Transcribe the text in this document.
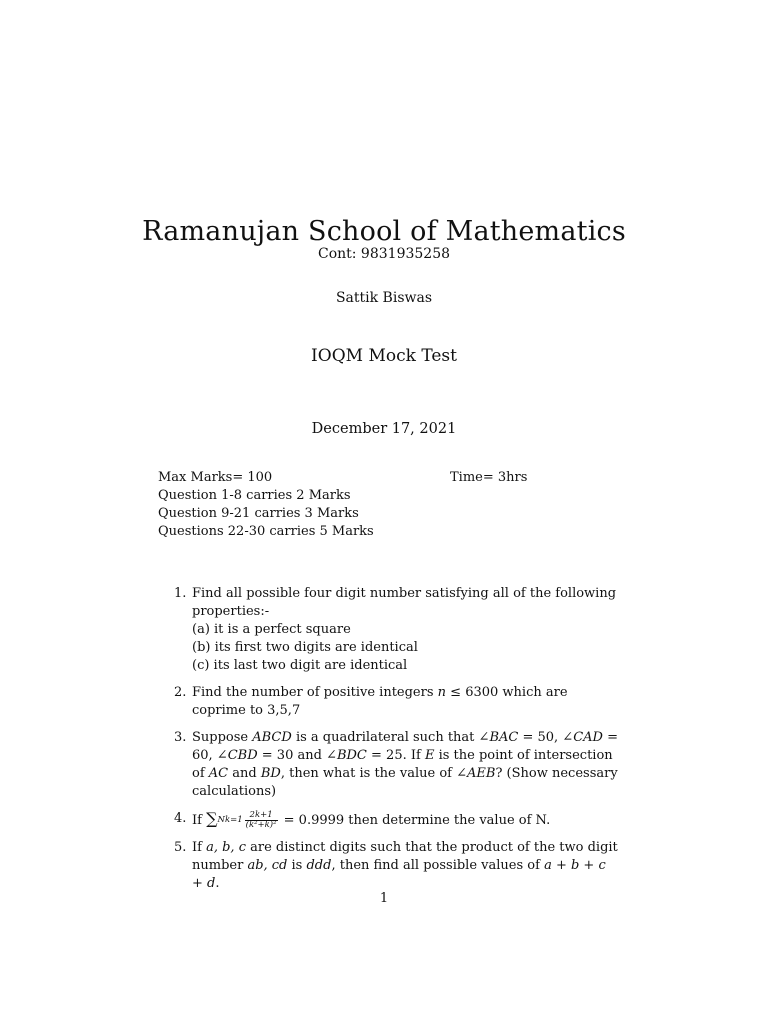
Ramanujan School of Mathematics
Cont: 9831935258
Sattik Biswas
IOQM Mock Test
December 17, 2021
Max Marks= 100
Question 1-8 carries 2 Marks
Question 9-21 carries 3 Marks
Questions 22-30 carries 5 Marks
Time= 3hrs
1. Find all possible four digit number satisfying all of the following properties:-
(a) it is a perfect square
(b) its first two digits are identical
(c) its last two digit are identical
2. Find the number of positive integers n ≤ 6300 which are coprime to 3,5,7
3. Suppose ABCD is a quadrilateral such that ∠BAC = 50, ∠CAD = 60, ∠CBD = 30 and ∠BDC = 25. If E is the point of intersection of AC and BD, then what is the value of ∠AEB? (Show necessary calculations)
4. If $\sum Nk=1 \frac{2k+1}{\text{(k²+k)²}} = 0.9999$ then determine the value of N.
5. If a, b, c are distinct digits such that the product of the two digit number ab, cd is ddd, then find all possible values of a + b + c + d.
1
